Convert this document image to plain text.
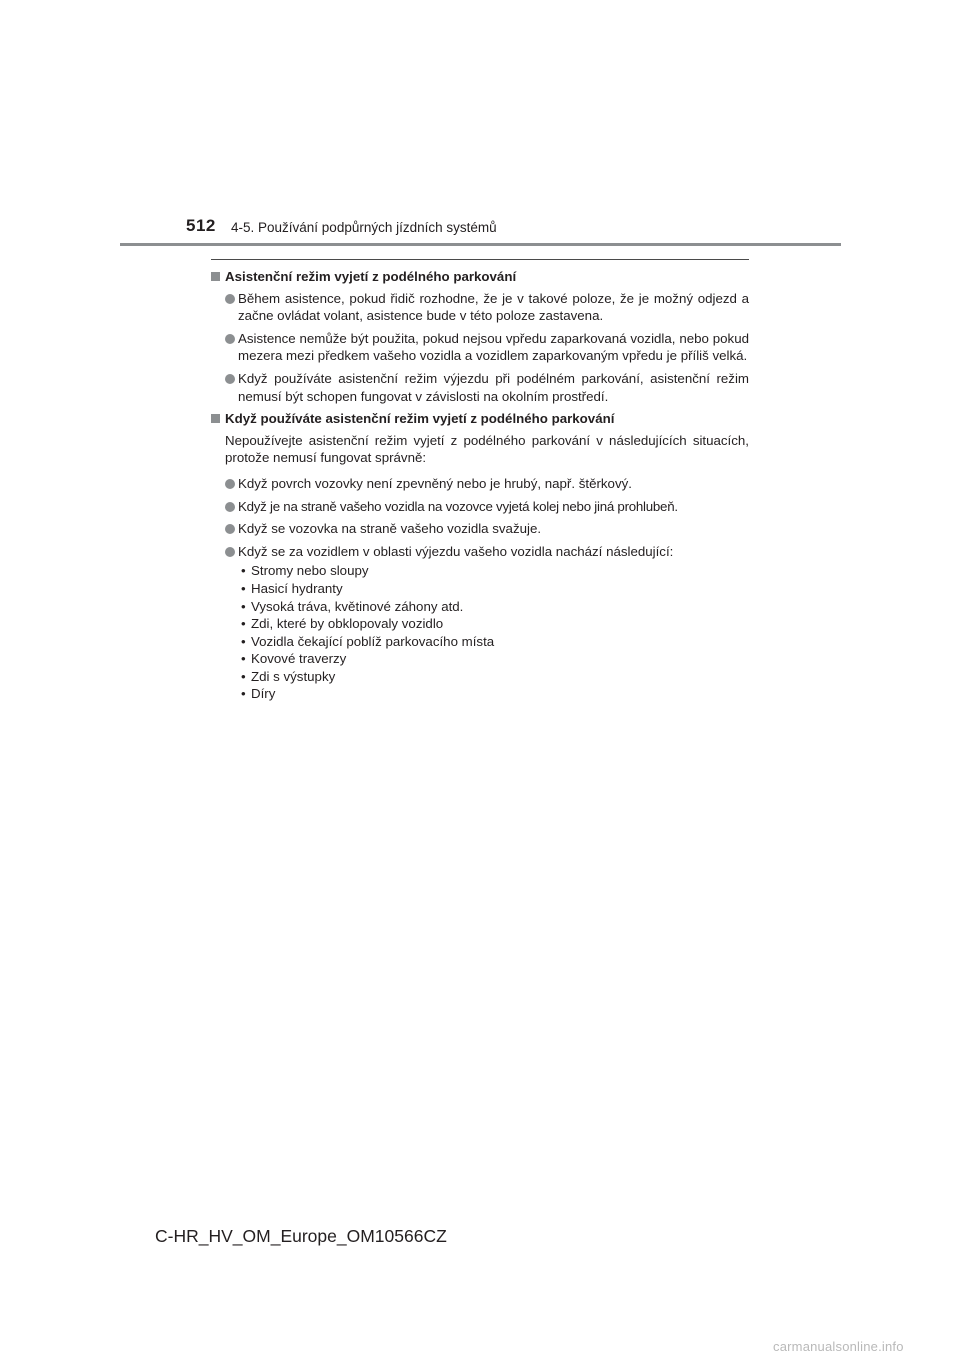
512 4-5. Používání podpůrných jízdních systémů
Asistenční režim vyjetí z podélného parkování
Během asistence, pokud řidič rozhodne, že je v takové poloze, že je možný odjezd a začne ovládat volant, asistence bude v této poloze zastavena.
Asistence nemůže být použita, pokud nejsou vpředu zaparkovaná vozidla, nebo pokud mezera mezi předkem vašeho vozidla a vozidlem zaparkovaným vpředu je příliš velká.
Když používáte asistenční režim výjezdu při podélném parkování, asistenční režim nemusí být schopen fungovat v závislosti na okolním prostředí.
Když používáte asistenční režim vyjetí z podélného parkování
Nepoužívejte asistenční režim vyjetí z podélného parkování v následujících situacích, protože nemusí fungovat správně:
Když povrch vozovky není zpevněný nebo je hrubý, např. štěrkový.
Když je na straně vašeho vozidla na vozovce vyjetá kolej nebo jiná prohlubeň.
Když se vozovka na straně vašeho vozidla svažuje.
Když se za vozidlem v oblasti výjezdu vašeho vozidla nachází následující:
• Stromy nebo sloupy
• Hasicí hydranty
• Vysoká tráva, květinové záhony atd.
• Zdi, které by obklopovaly vozidlo
• Vozidla čekající poblíž parkovacího místa
• Kovové traverzy
• Zdi s výstupky
• Díry
C-HR_HV_OM_Europe_OM10566CZ
carmanualsonline.info
